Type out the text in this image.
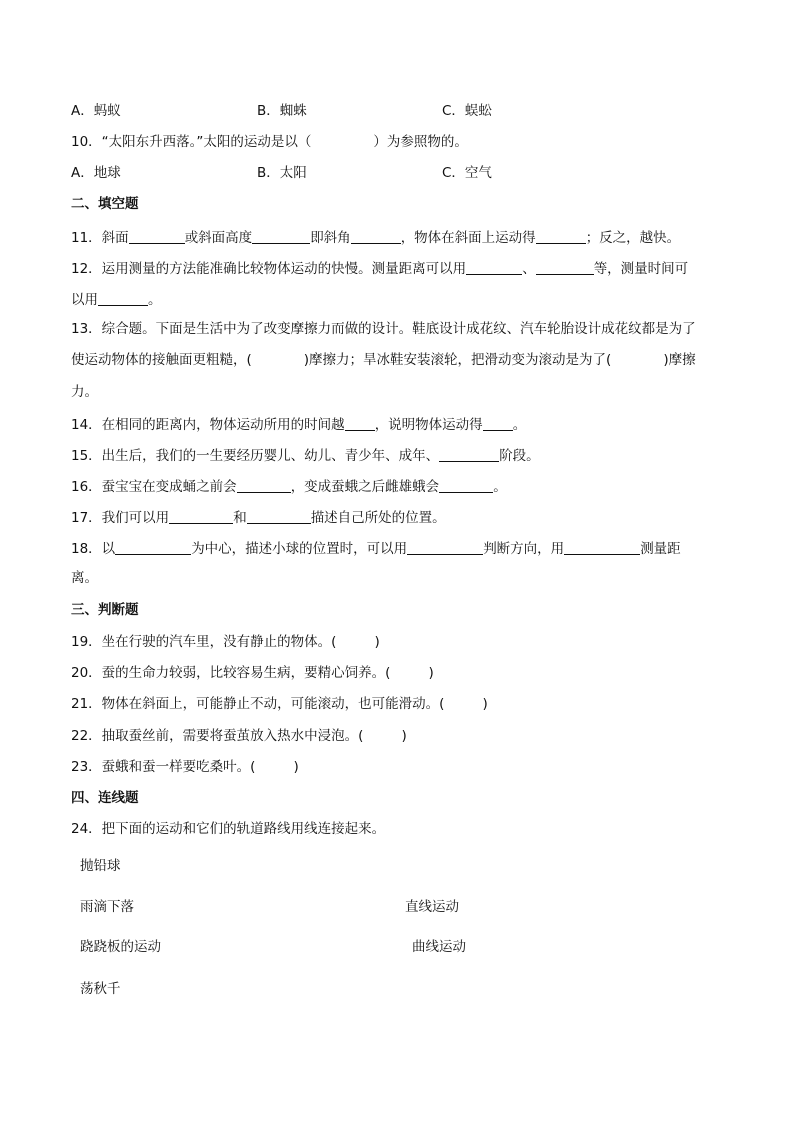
A．蚂蚁	B．蜘蛛	C．蜈蚣
10．“太阳东升西落。”太阳的运动是以（	）为参照物的。
A．地球	B．太阳	C．空气
二、填空题
11．斜面	或斜面高度	即斜角	，物体在斜面上运动得	；反之，越快。
12．运用测量的方法能准确比较物体运动的快慢。测量距离可以用	、	等，测量时间可
以用	。
13．综合题。下面是生活中为了改变摩擦力而做的设计。鞋底设计成花纹、汽车轮胎设计成花纹都是为了
使运动物体的接触面更粗糙，(	)摩擦力；旱冰鞋安装滚轮，把滑动变为滚动是为了(	)摩擦
力。
14．在相同的距离内，物体运动所用的时间越 ，说明物体运动得 。
15．出生后，我们的一生要经历婴儿、幼儿、青少年、成年、	阶段。
16．蚕宝宝在变成蛹之前会	，变成蚕蛾之后雌雄蛾会	。
17．我们可以用	和	描述自己所处的位置。
18．以	为中心，描述小球的位置时，可以用	判断方向，用	测量距
离。
三、判断题
19．坐在行驶的汽车里，没有静止的物体。(	)
20．蚕的生命力较弱，比较容易生病，要精心饲养。(	)
21．物体在斜面上，可能静止不动，可能滚动，也可能滑动。(	)
22．抽取蚕丝前，需要将蚕茧放入热水中浸泡。(	)
23．蚕蛾和蚕一样要吃桑叶。(	)
四、连线题
24．把下面的运动和它们的轨道路线用线连接起来。
抛铅球
雨滴下落
跷跷板的运动
荡秋千
直线运动
曲线运动
